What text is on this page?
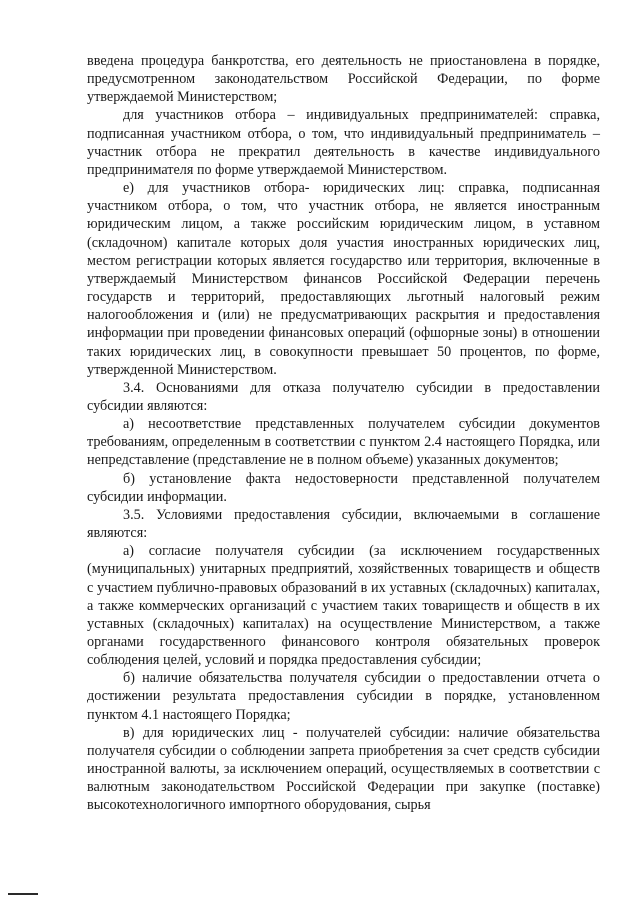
введена процедура банкротства, его деятельность не приостановлена в порядке, предусмотренном законодательством Российской Федерации, по форме утверждаемой Министерством;

для участников отбора – индивидуальных предпринимателей: справка, подписанная участником отбора, о том, что индивидуальный предприниматель – участник отбора не прекратил деятельность в качестве индивидуального предпринимателя по форме утверждаемой Министерством.

е) для участников отбора- юридических лиц: справка, подписанная участником отбора, о том, что участник отбора, не является иностранным юридическим лицом, а также российским юридическим лицом, в уставном (складочном) капитале которых доля участия иностранных юридических лиц, местом регистрации которых является государство или территория, включенные в утверждаемый Министерством финансов Российской Федерации перечень государств и территорий, предоставляющих льготный налоговый режим налогообложения и (или) не предусматривающих раскрытия и предоставления информации при проведении финансовых операций (офшорные зоны) в отношении таких юридических лиц, в совокупности превышает 50 процентов, по форме, утвержденной Министерством.

3.4. Основаниями для отказа получателю субсидии в предоставлении субсидии являются:

а) несоответствие представленных получателем субсидии документов требованиям, определенным в соответствии с пунктом 2.4 настоящего Порядка, или непредставление (представление не в полном объеме) указанных документов;

б) установление факта недостоверности представленной получателем субсидии информации.

3.5. Условиями предоставления субсидии, включаемыми в соглашение являются:

а) согласие получателя субсидии (за исключением государственных (муниципальных) унитарных предприятий, хозяйственных товариществ и обществ с участием публично-правовых образований в их уставных (складочных) капиталах, а также коммерческих организаций с участием таких товариществ и обществ в их уставных (складочных) капиталах) на осуществление Министерством, а также органами государственного финансового контроля обязательных проверок соблюдения целей, условий и порядка предоставления субсидии;

б) наличие обязательства получателя субсидии о предоставлении отчета о достижении результата предоставления субсидии в порядке, установленном пунктом 4.1 настоящего Порядка;

в) для юридических лиц - получателей субсидии: наличие обязательства получателя субсидии о соблюдении запрета приобретения за счет средств субсидии иностранной валюты, за исключением операций, осуществляемых в соответствии с валютным законодательством Российской Федерации при закупке (поставке) высокотехнологичного импортного оборудования, сырья
